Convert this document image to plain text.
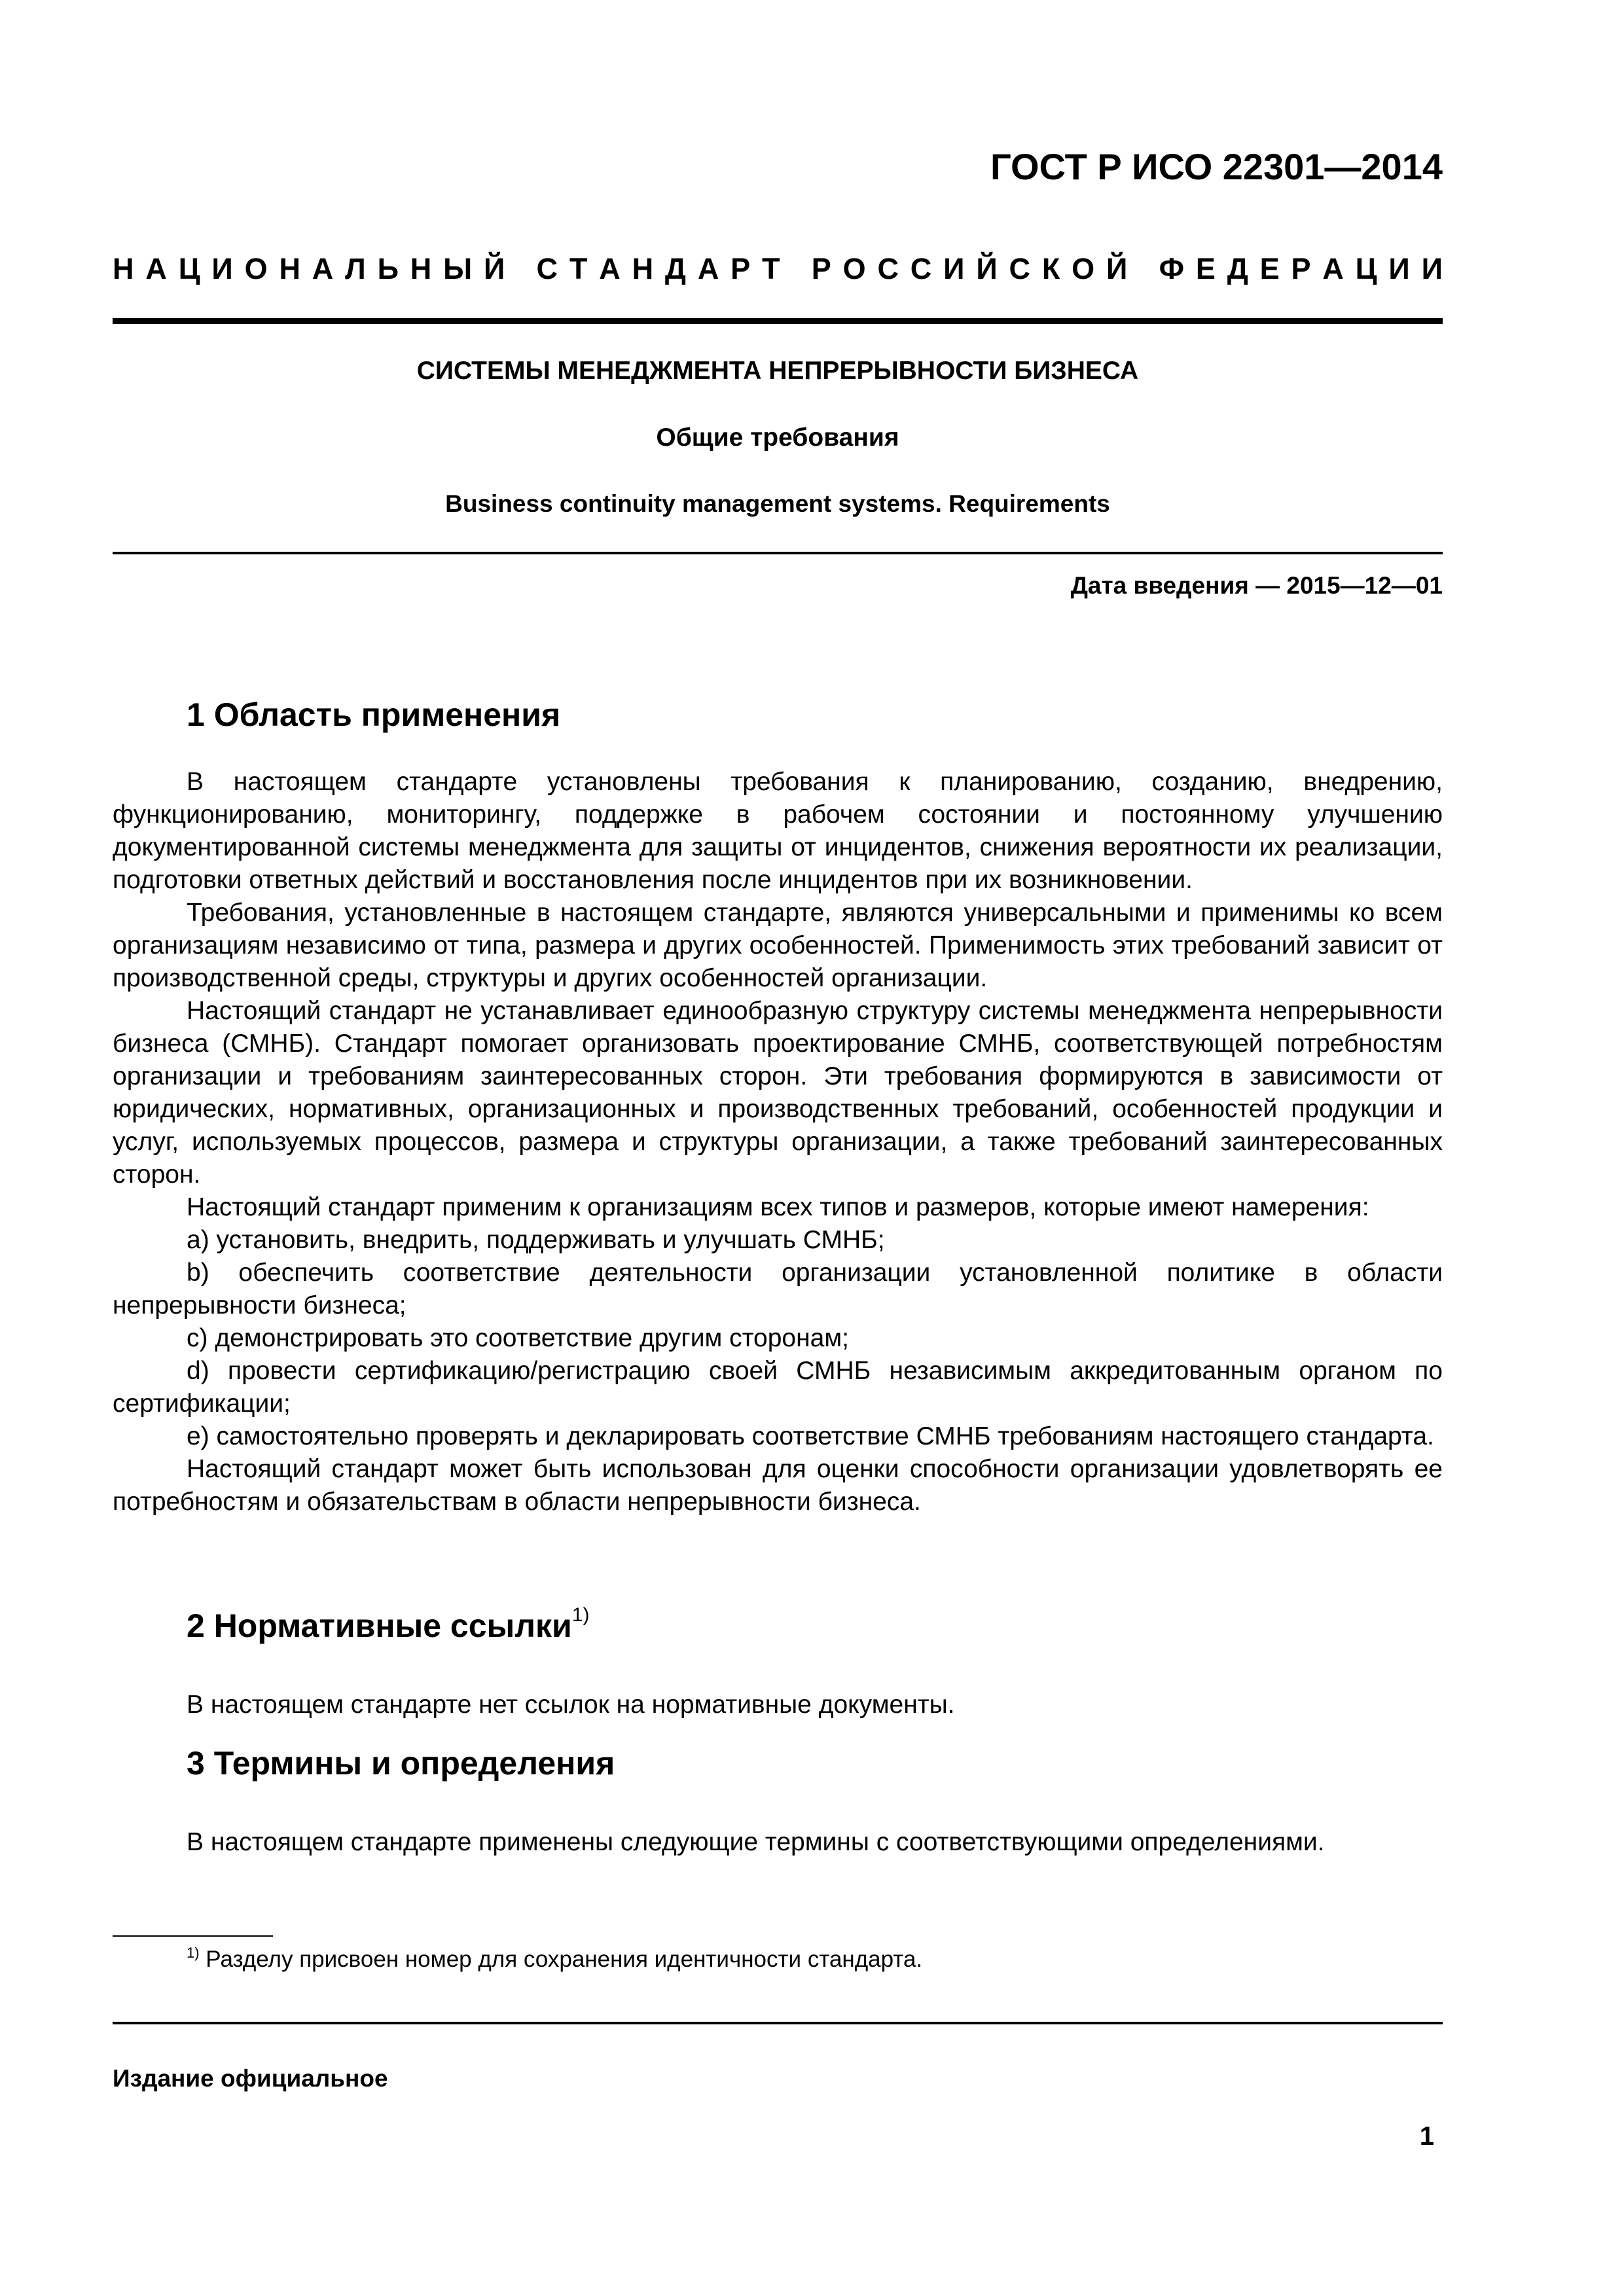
ГОСТ Р ИСО 22301—2014
Н А Ц И О Н А Л Ь Н Ы Й
С Т А Н Д А Р Т
Р О С С И Й С К О Й
Ф Е Д Е Р А Ц И И
СИСТЕМЫ МЕНЕДЖМЕНТА НЕПРЕРЫВНОСТИ БИЗНЕСА
Общие требования
Business continuity management systems. Requirements
Дата введения — 2015—12—01
1 Область применения

В настоящем стандарте установлены требования к планированию, созданию, внедрению, функционированию, мониторингу, поддержке в рабочем состоянии и постоянному улучшению документированной системы менеджмента для защиты от инцидентов, снижения вероятности их реализации, подготовки ответных действий и восстановления после инцидентов при их возникновении.

Требования, установленные в настоящем стандарте, являются универсальными и применимы ко всем организациям независимо от типа, размера и других особенностей. Применимость этих требований зависит от производственной среды, структуры и других особенностей организации.

Настоящий стандарт не устанавливает единообразную структуру системы менеджмента непрерывности бизнеса (СМНБ). Стандарт помогает организовать проектирование СМНБ, соответствующей потребностям организации и требованиям заинтересованных сторон. Эти требования формируются в зависимости от юридических, нормативных, организационных и производственных требований, особенностей продукции и услуг, используемых процессов, размера и структуры организации, а также требований заинтересованных сторон.

Настоящий стандарт применим к организациям всех типов и размеров, которые имеют намерения:

a) установить, внедрить, поддерживать и улучшать СМНБ;

b) обеспечить соответствие деятельности организации установленной политике в области непрерывности бизнеса;

c) демонстрировать это соответствие другим сторонам;

d) провести сертификацию/регистрацию своей СМНБ независимым аккредитованным органом по сертификации;

e) самостоятельно проверять и декларировать соответствие СМНБ требованиям настоящего стандарта.

Настоящий стандарт может быть использован для оценки способности организации удовлетворять ее потребностям и обязательствам в области непрерывности бизнеса.

2 Нормативные ссылки$^{1)}$

В настоящем стандарте нет ссылок на нормативные документы.

3 Термины и определения

В настоящем стандарте применены следующие термины с соответствующими определениями.

$^{1)}$ Разделу присвоен номер для сохранения идентичности стандарта.
Издание официальное
1
